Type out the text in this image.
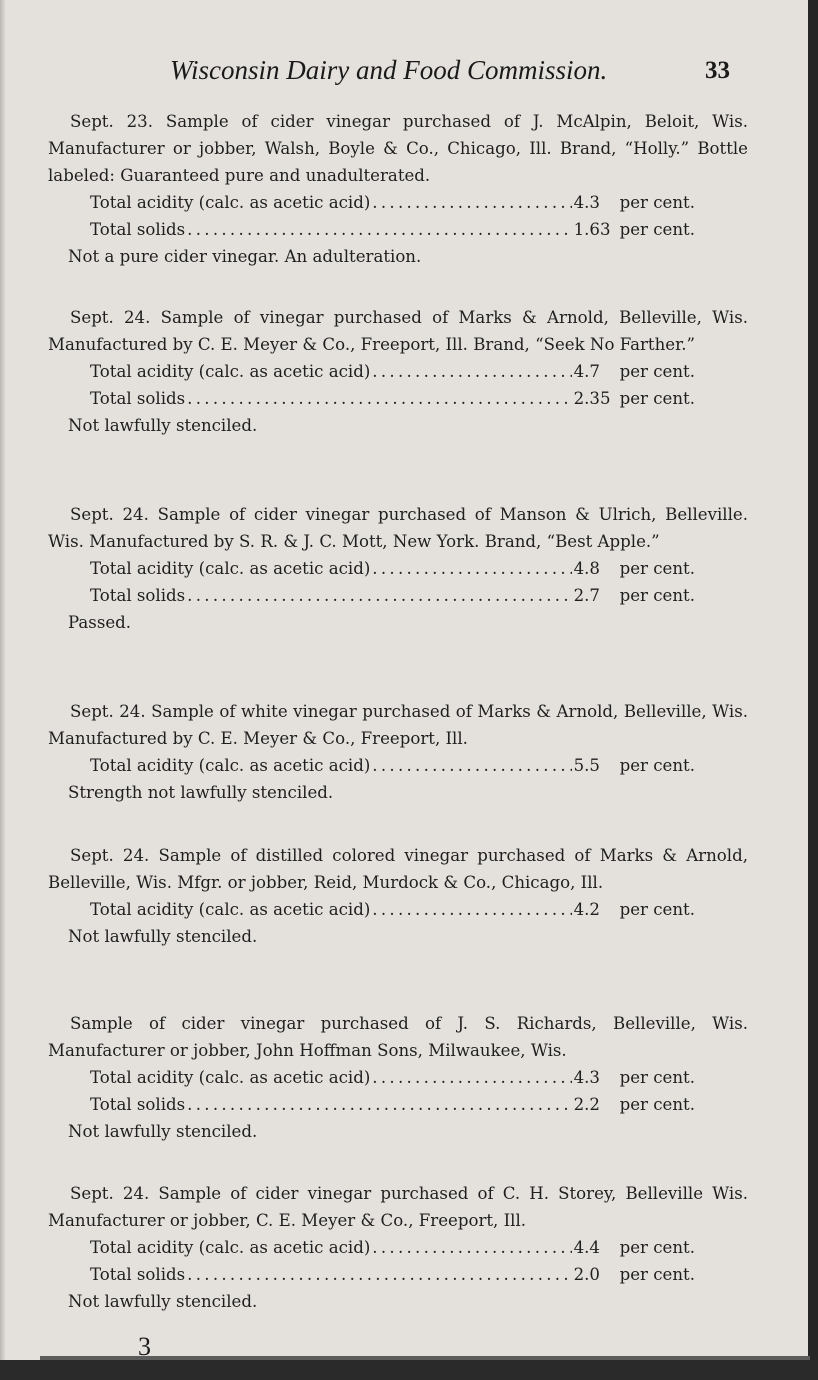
Wisconsin Dairy and Food Commission.	33

Sept. 23. Sample of cider vinegar purchased of J. McAlpin, Beloit, Wis. Manufacturer or jobber, Walsh, Boyle & Co., Chicago, Ill. Brand, “Holly.” Bottle labeled: Guaranteed pure and unadulterated.

Total acidity (calc. as acetic acid) . . .	4.3	per cent.
Total solids . . .	1.63 per cent.
Not a pure cider vinegar. An adulteration.

Sept. 24. Sample of vinegar purchased of Marks & Arnold, Belleville, Wis. Manufactured by C. E. Meyer & Co., Freeport, Ill. Brand, “Seek No Farther.”

Total acidity (calc. as acetic acid) . . .	4.7	per cent.
Total solids . . .	2.35 per cent.
Not lawfully stenciled.

Sept. 24. Sample of cider vinegar purchased of Manson & Ulrich, Belleville. Wis. Manufactured by S. R. & J. C. Mott, New York. Brand, “Best Apple.”

Total acidity (calc. as acetic acid) . . .	4.8	per cent.
Total solids . . .	2.7	per cent.
Passed.

Sept. 24. Sample of white vinegar purchased of Marks & Arnold, Belleville, Wis. Manufactured by C. E. Meyer & Co., Freeport, Ill.

Total acidity (calc. as acetic acid) . . .	5.5	per cent.
Strength not lawfully stenciled.

Sept. 24. Sample of distilled colored vinegar purchased of Marks & Arnold, Belleville, Wis. Mfgr. or jobber, Reid, Murdock & Co., Chicago, Ill.

Total acidity (calc. as acetic acid) . . .	4.2	per cent.
Not lawfully stenciled.

Sample of cider vinegar purchased of J. S. Richards, Belleville, Wis. Manufacturer or jobber, John Hoffman Sons, Milwaukee, Wis.

Total acidity (calc. as acetic acid) . . .	4.3	per cent.
Total solids . . .	2.2	per cent.
Not lawfully stenciled.

Sept. 24. Sample of cider vinegar purchased of C. H. Storey, Belleville Wis. Manufacturer or jobber, C. E. Meyer & Co., Freeport, Ill.

Total acidity (calc. as acetic acid) . . .	4.4	per cent.
Total solids . . .	2.0	per cent.
Not lawfully stenciled.
3
